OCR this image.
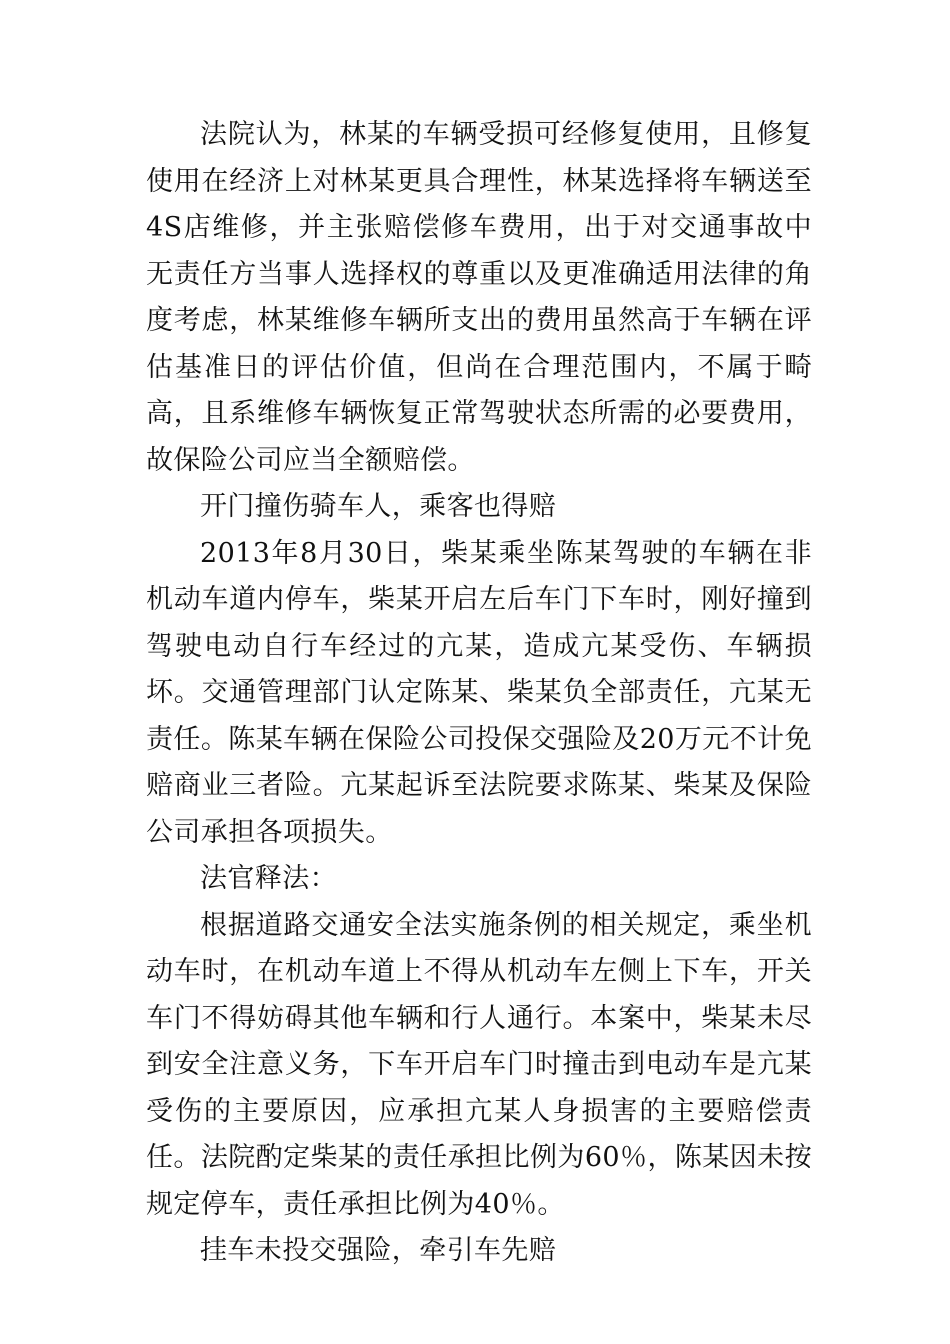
法院认为，林某的车辆受损可经修复使用，且修复使用在经济上对林某更具合理性，林某选择将车辆送至4S店维修，并主张赔偿修车费用，出于对交通事故中无责任方当事人选择权的尊重以及更准确适用法律的角度考虑，林某维修车辆所支出的费用虽然高于车辆在评估基准日的评估价值，但尚在合理范围内，不属于畸高，且系维修车辆恢复正常驾驶状态所需的必要费用，故保险公司应当全额赔偿。

开门撞伤骑车人，乘客也得赔

2013年8月30日，柴某乘坐陈某驾驶的车辆在非机动车道内停车，柴某开启左后车门下车时，刚好撞到驾驶电动自行车经过的亢某，造成亢某受伤、车辆损坏。交通管理部门认定陈某、柴某负全部责任，亢某无责任。陈某车辆在保险公司投保交强险及20万元不计免赔商业三者险。亢某起诉至法院要求陈某、柴某及保险公司承担各项损失。

法官释法：

根据道路交通安全法实施条例的相关规定，乘坐机动车时，在机动车道上不得从机动车左侧上下车，开关车门不得妨碍其他车辆和行人通行。本案中，柴某未尽到安全注意义务，下车开启车门时撞击到电动车是亢某受伤的主要原因，应承担亢某人身损害的主要赔偿责任。法院酌定柴某的责任承担比例为60％，陈某因未按规定停车，责任承担比例为40％。

挂车未投交强险，牵引车先赔
